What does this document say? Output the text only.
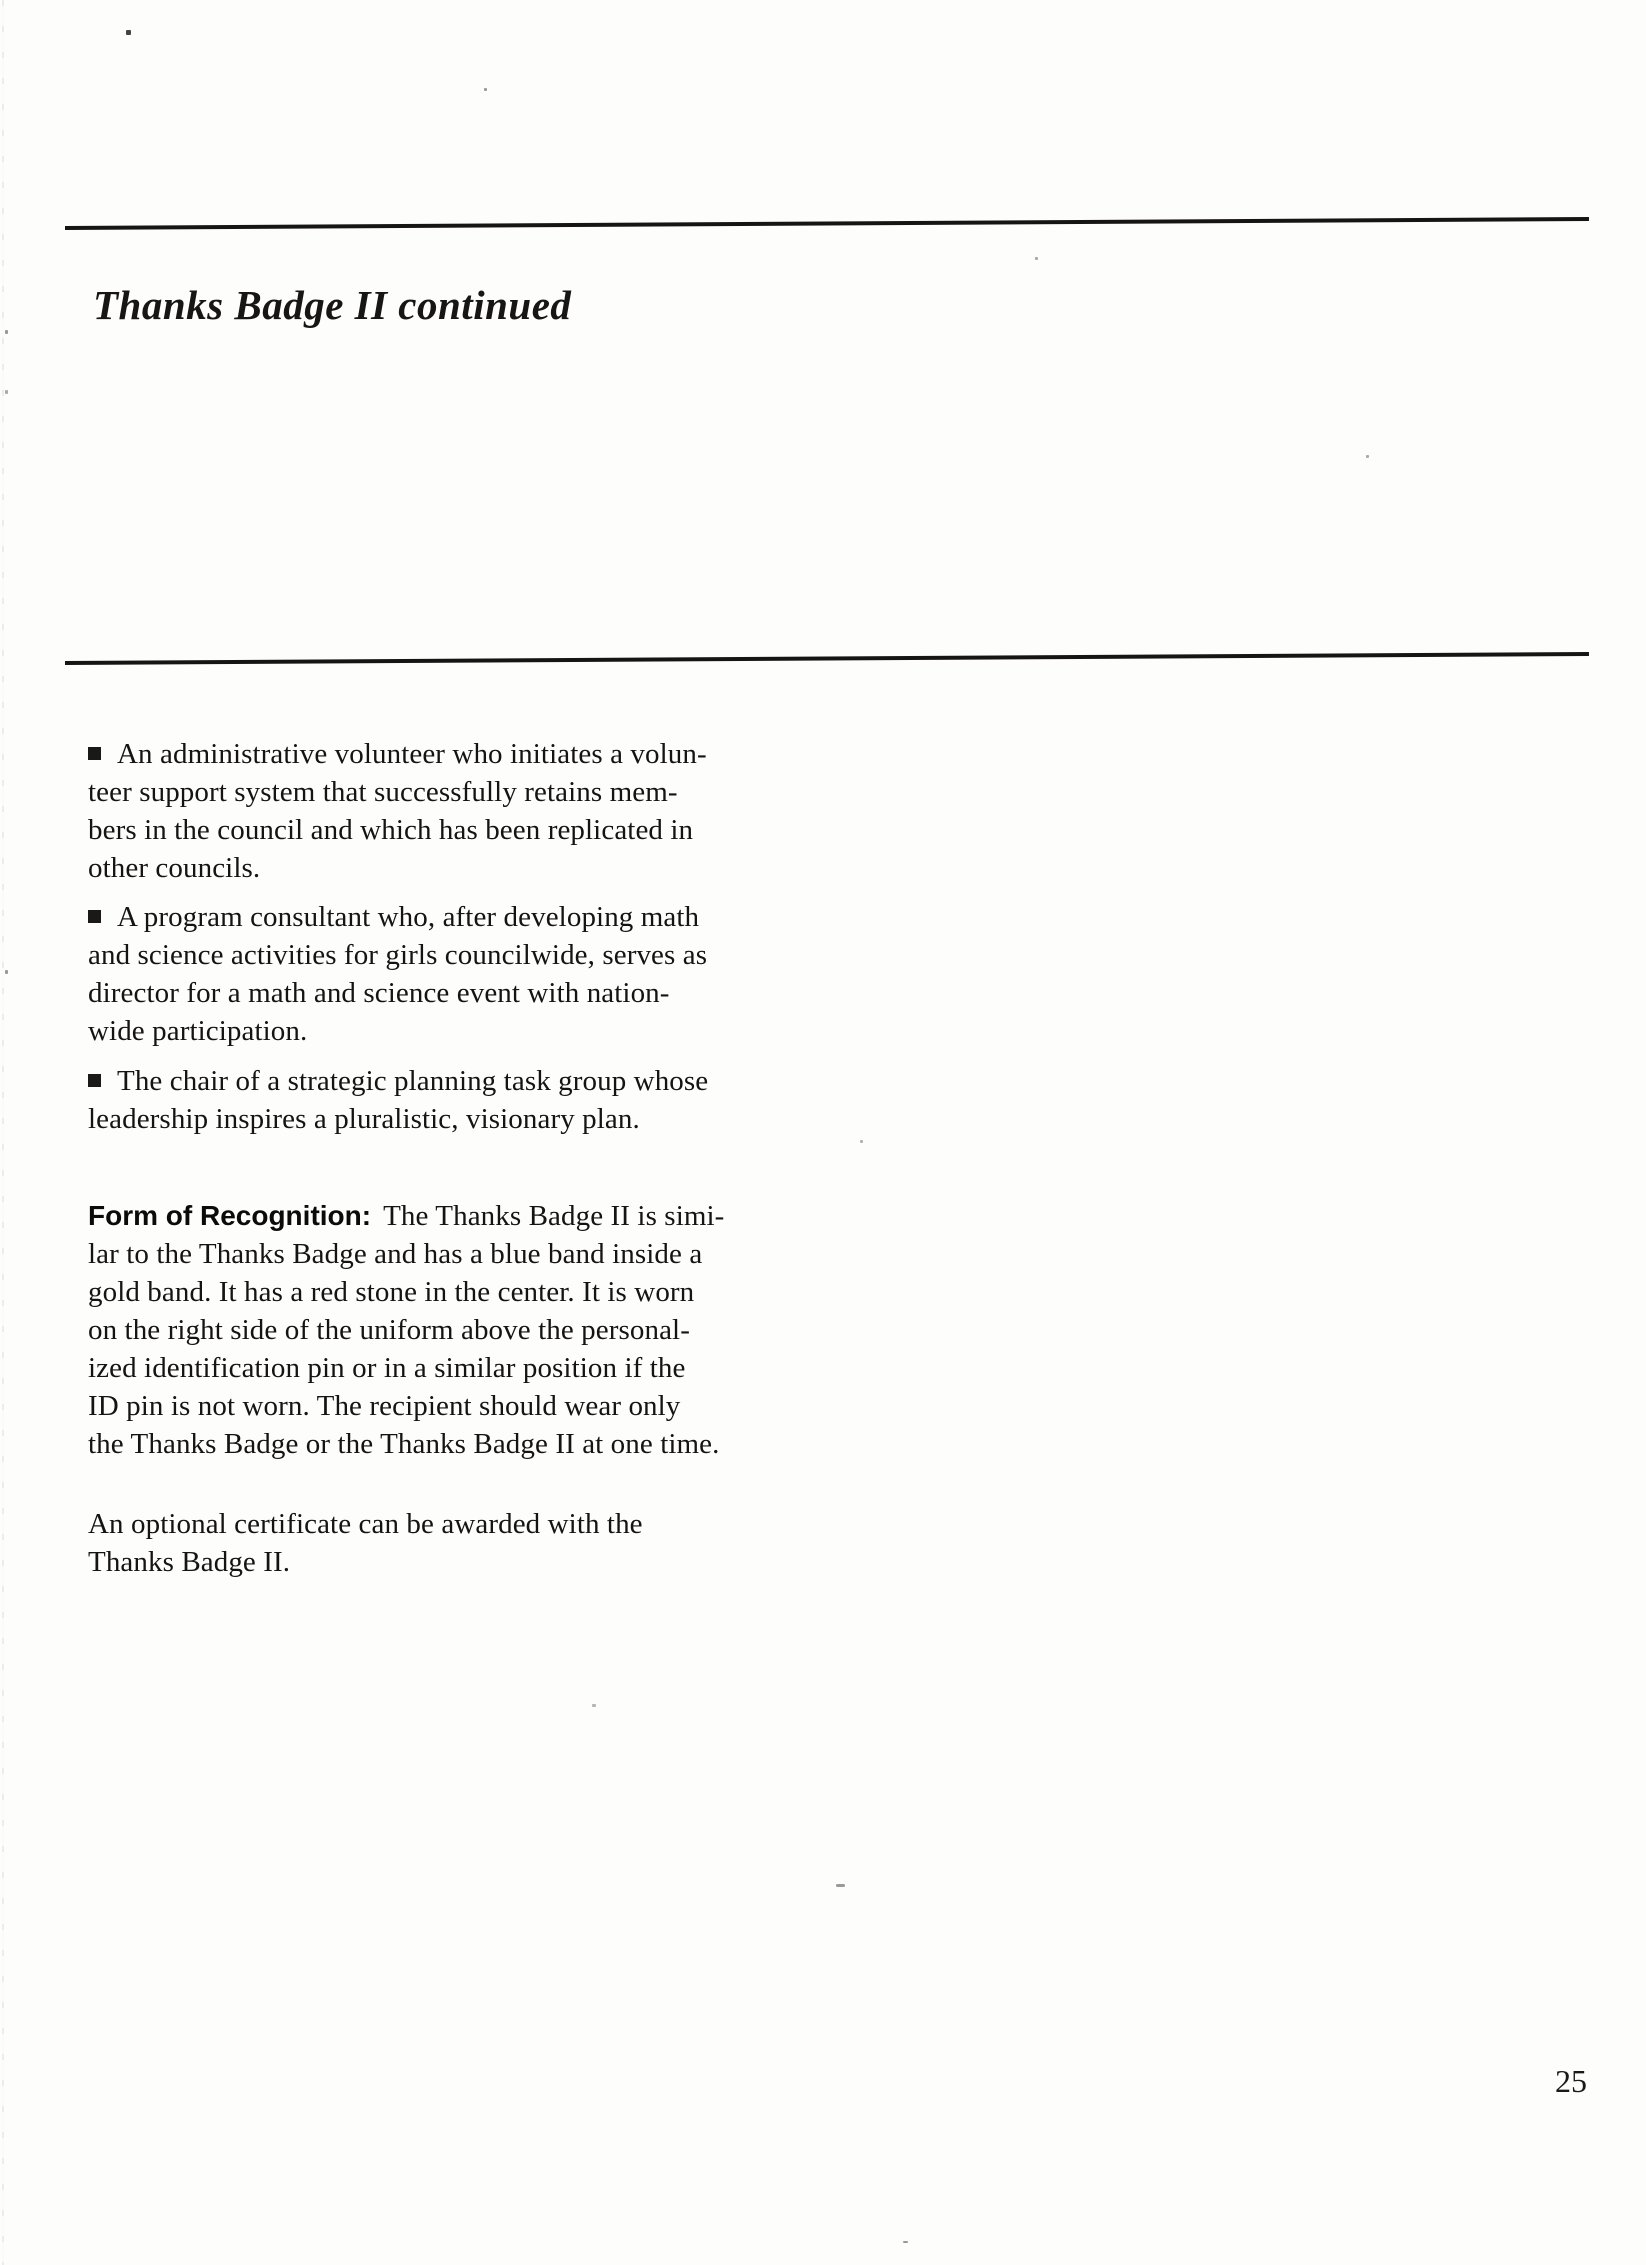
Thanks Badge II continued
An administrative volunteer who initiates a volun-
teer support system that successfully retains mem-
bers in the council and which has been replicated in
other councils.
A program consultant who, after developing math
and science activities for girls councilwide, serves as
director for a math and science event with nation-
wide participation.
The chair of a strategic planning task group whose
leadership inspires a pluralistic, visionary plan.
Form of Recognition: The Thanks Badge II is simi-
lar to the Thanks Badge and has a blue band inside a
gold band. It has a red stone in the center. It is worn
on the right side of the uniform above the personal-
ized identification pin or in a similar position if the
ID pin is not worn. The recipient should wear only
the Thanks Badge or the Thanks Badge II at one time.
An optional certificate can be awarded with the
Thanks Badge II.
25
